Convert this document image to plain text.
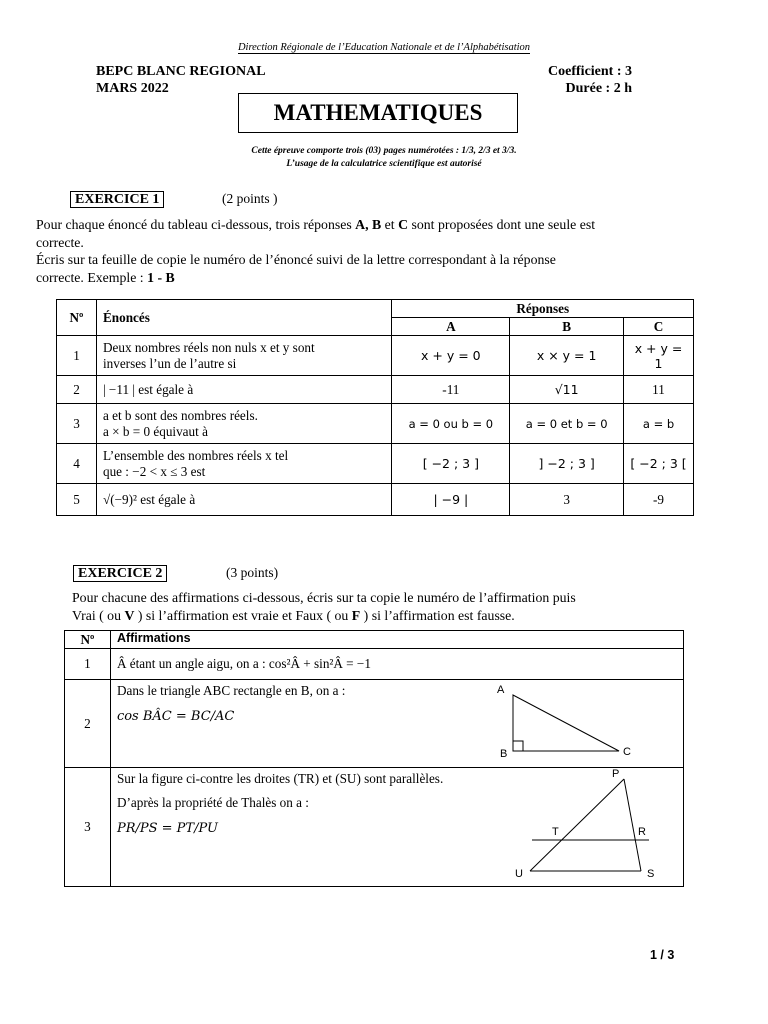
Direction Régionale de l’Education Nationale et de l’Alphabétisation
BEPC BLANC REGIONAL
MARS 2022
Coefficient : 3
Durée : 2 h
MATHEMATIQUES
Cette épreuve comporte trois (03) pages numérotées : 1/3, 2/3 et 3/3.
L’usage de la calculatrice scientifique est autorisé
EXERCICE 1	(2 points )
Pour chaque énoncé du tableau ci-dessous, trois réponses A, B et C sont proposées dont une seule est
correcte.
Écris sur ta feuille de copie le numéro de l’énoncé suivi de la lettre correspondant à la réponse
correcte. Exemple : 1 - B
Nº	Énoncés	Réponses		
		A	B	C
1	Deux nombres réels non nuls x et y sont
inverses l’un de l’autre si	x + y = 0	x × y = 1	x + y = 1
2	| −11 | est égale à	-11	√11	11
3	a et b sont des nombres réels.
a × b = 0 équivaut à	a = 0 ou b = 0	a = 0 et b = 0	a = b
4	L’ensemble des nombres réels x tel
que : −2 < x ≤ 3 est	[ −2 ; 3 ]	] −2 ; 3 ]	[ −2 ; 3 [
5	√(−9)² est égale à	| −9 |	3	-9
EXERCICE 2	(3 points)
Pour chacune des affirmations ci-dessous, écris sur ta copie le numéro de l’affirmation puis
Vrai ( ou V ) si l’affirmation est vraie et Faux ( ou F ) si l’affirmation est fausse.
Nº	Affirmations
1	Â étant un angle aigu, on a : cos²Â + sin²Â = −1
2	Dans le triangle ABC rectangle en B, on a :
cos BÂC = BC/AC

3	Sur la figure ci-contre les droites (TR) et (SU) sont parallèles.
D’après la propriété de Thalès on a :
PR/PS = PT/PU
A
B	C
P
T	R
U	S
1 / 3
